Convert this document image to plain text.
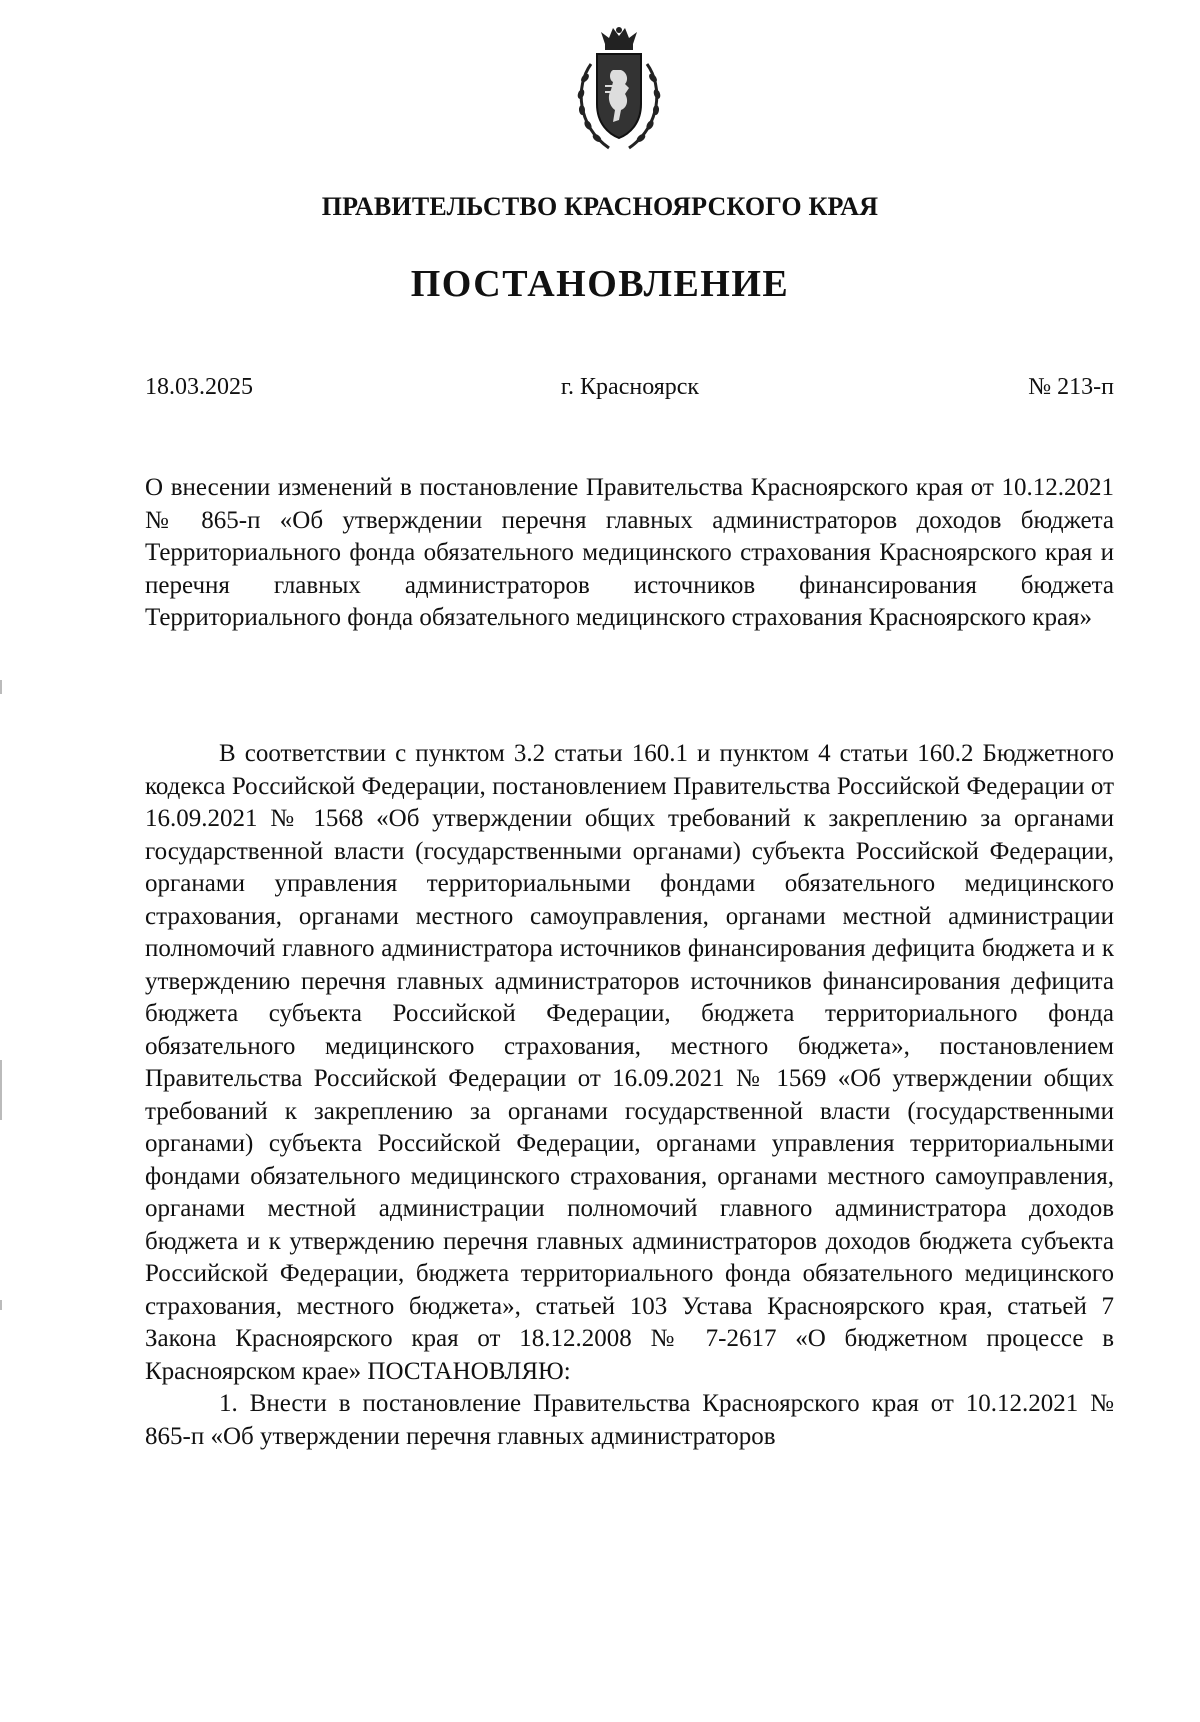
ПРАВИТЕЛЬСТВО КРАСНОЯРСКОГО КРАЯ
ПОСТАНОВЛЕНИЕ
18.03.2025	г. Красноярск	№ 213-п
О внесении изменений в постановление Правительства Красноярского края от 10.12.2021 № 865-п «Об утверждении перечня главных администраторов доходов бюджета Территориального фонда обязательного медицинского страхования Красноярского края и перечня главных администраторов источников финансирования бюджета Территориального фонда обязательного медицинского страхования Красноярского края»

В соответствии с пунктом 3.2 статьи 160.1 и пунктом 4 статьи 160.2 Бюджетного кодекса Российской Федерации, постановлением Правительства Российской Федерации от 16.09.2021 № 1568 «Об утверждении общих требований к закреплению за органами государственной власти (государственными органами) субъекта Российской Федерации, органами управления территориальными фондами обязательного медицинского страхования, органами местного самоуправления, органами местной администрации полномочий главного администратора источников финансирования дефицита бюджета и к утверждению перечня главных администраторов источников финансирования дефицита бюджета субъекта Российской Федерации, бюджета территориального фонда обязательного медицинского страхования, местного бюджета», постановлением Правительства Российской Федерации от 16.09.2021 № 1569 «Об утверждении общих требований к закреплению за органами государственной власти (государственными органами) субъекта Российской Федерации, органами управления территориальными фондами обязательного медицинского страхования, органами местного самоуправления, органами местной администрации полномочий главного администратора доходов бюджета и к утверждению перечня главных администраторов доходов бюджета субъекта Российской Федерации, бюджета территориального фонда обязательного медицинского страхования, местного бюджета», статьей 103 Устава Красноярского края, статьей 7 Закона Красноярского края от 18.12.2008 № 7-2617 «О бюджетном процессе в Красноярском крае» ПОСТАНОВЛЯЮ:

1. Внести в постановление Правительства Красноярского края от 10.12.2021 № 865-п «Об утверждении перечня главных администраторов
